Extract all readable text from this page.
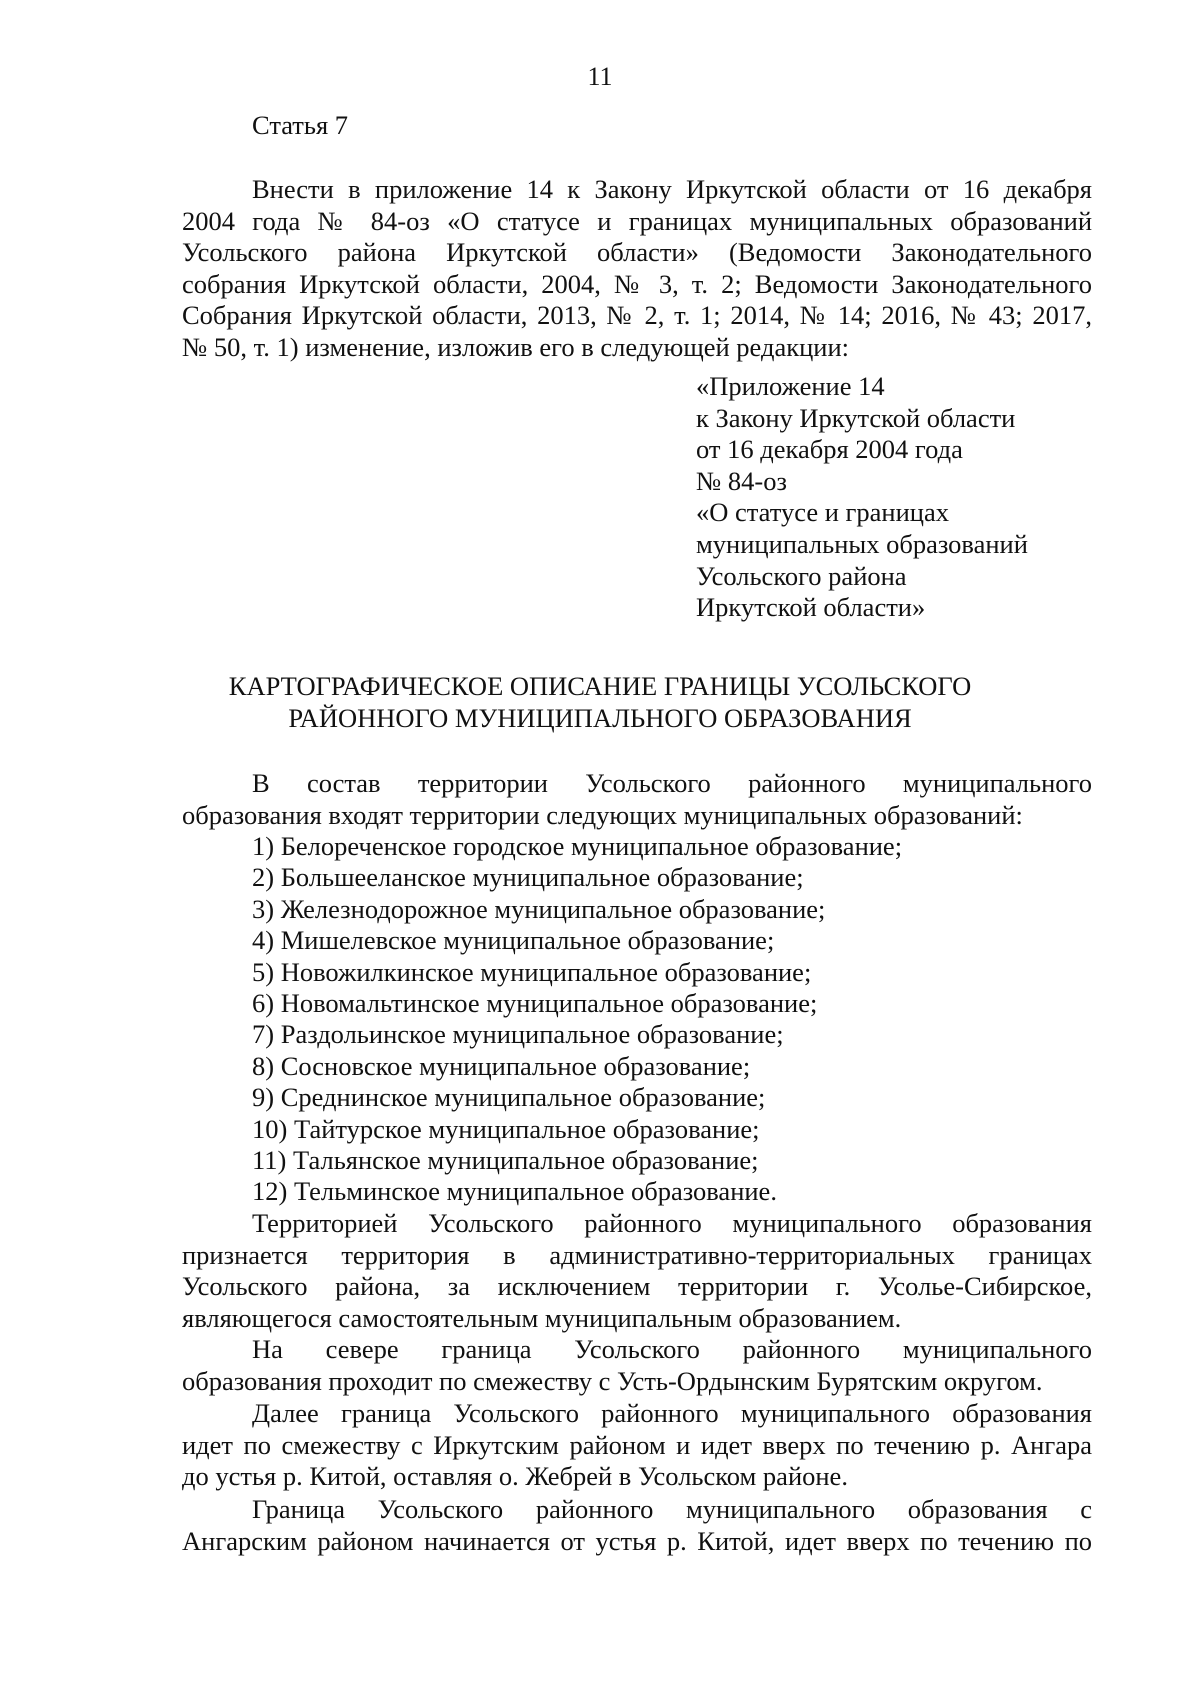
11
Статья 7
Внести в приложение 14 к Закону Иркутской области от 16 декабря
2004 года № 84-оз «О статусе и границах муниципальных образований
Усольского района Иркутской области» (Ведомости Законодательного
собрания Иркутской области, 2004, № 3, т. 2; Ведомости Законодательного
Собрания Иркутской области, 2013, № 2, т. 1; 2014, № 14; 2016, № 43; 2017,
№ 50, т. 1) изменение, изложив его в следующей редакции:
«Приложение 14
к Закону Иркутской области
от 16 декабря 2004 года
№ 84-оз
«О статусе и границах
муниципальных образований
Усольского района
Иркутской области»
КАРТОГРАФИЧЕСКОЕ ОПИСАНИЕ ГРАНИЦЫ УСОЛЬСКОГО
РАЙОННОГО МУНИЦИПАЛЬНОГО ОБРАЗОВАНИЯ
В состав территории Усольского районного муниципального
образования входят территории следующих муниципальных образований:
1) Белореченское городское муниципальное образование;
2) Большееланское муниципальное образование;
3) Железнодорожное муниципальное образование;
4) Мишелевское муниципальное образование;
5) Новожилкинское муниципальное образование;
6) Новомальтинское муниципальное образование;
7) Раздольинское муниципальное образование;
8) Сосновское муниципальное образование;
9) Среднинское муниципальное образование;
10) Тайтурское муниципальное образование;
11) Тальянское муниципальное образование;
12) Тельминское муниципальное образование.
Территорией Усольского районного муниципального образования
признается территория в административно-территориальных границах
Усольского района, за исключением территории г. Усолье-Сибирское,
являющегося самостоятельным муниципальным образованием.
На севере граница Усольского районного муниципального
образования проходит по смежеству с Усть-Ордынским Бурятским округом.
Далее граница Усольского районного муниципального образования
идет по смежеству с Иркутским районом и идет вверх по течению р. Ангара
до устья р. Китой, оставляя о. Жебрей в Усольском районе.
Граница Усольского районного муниципального образования с
Ангарским районом начинается от устья р. Китой, идет вверх по течению по
